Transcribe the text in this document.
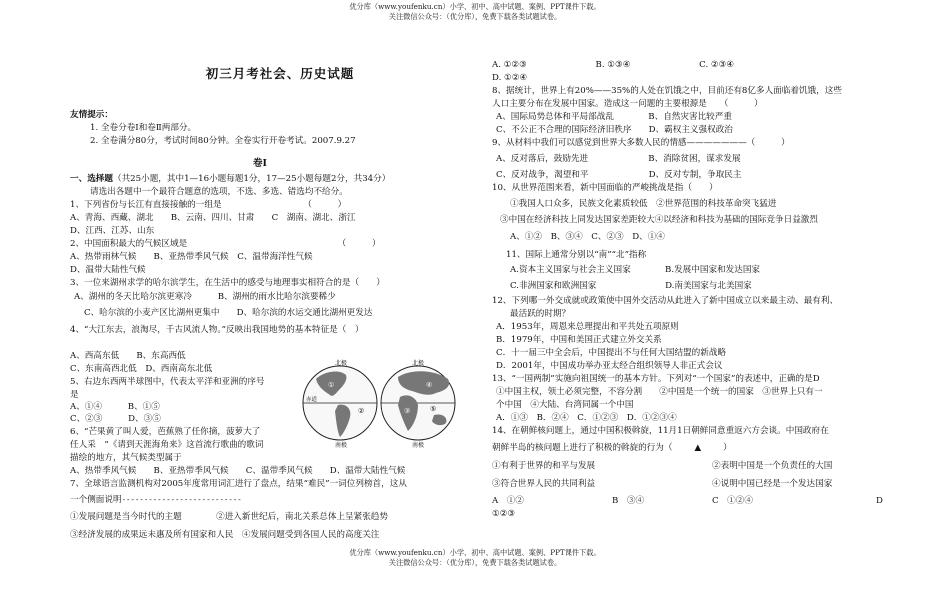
优分库（www.youfenku.cn）小学、初中、高中试题、案例、PPT课件下载。
关注微信公众号：（优分库），免费下载各类试题试卷。
初三月考社会、历史试题
友情提示：
1. 全卷分卷Ⅰ和卷Ⅱ两部分。
2. 全卷满分80分，考试时间80分钟。全卷实行开卷考试。2007.9.27
卷Ⅰ
一、选择题（共25小题，其中1—16小题每题1分，17—25小题每题2分，共34分）
请选出各题中一个最符合题意的选项，不选、多选、错选均不给分。
1、下列省份与长江有直接接触的一组是　　　　　　　　　　（　　　）
A、青海、西藏、湖北　　B、云南、四川、甘肃　　C　湖南、湖北、浙江
D、江西、江苏、山东
2、中国面积最大的气候区域是　　　　　　　　　　　　　　　　　　（　　　）
A、热带雨林气候　　B、亚热带季风气候　C、温带海洋性气候
D、温带大陆性气候
3、一位来湖州求学的哈尔滨学生，在生活中的感受与地理事实相符合的是（　　）
A、湖州的冬天比哈尔滨更寒冷　　　B、湖州的雨水比哈尔滨要稀少
C、哈尔滨的小麦产区比湖州更集中　　D、哈尔滨的水运交通比湖州更发达
4、“大江东去，浪淘尽，千古风流人物。”反映出我国地势的基本特征是（　）
A、西高东低　　B、东高西低
C、东南高西北低　D、西南高东北低
5、右边东西两半球图中，代表太平洋和亚洲的序号
是
A、①④　　　B、①⑤
C、②③　　　D、③⑤
6、“芒果黄了叫人爱，芭蕉熟了任你摘，菠萝大了
任人采　”《请到天涯海角来》这首流行歌曲的歌词
描绘的地方，其气候类型属于
A、热带季风气候　　B、亚热带季风气候　　C、温带季风气候　　D、温带大陆性气候
7、全球语言监测机构对2005年度常用词汇进行了盘点，结果“难民”一词位列榜首，这从
一个侧面说明---------------------------
①发展问题是当今时代的主题　　　　②进入新世纪后，南北关系总体上呈紧张趋势
③经济发展的成果远未惠及所有国家和人民　④发展问题受到各国人民的高度关注
北极	北极
南极	南极
赤道
①
②	③
④
⑤
A. ①②③　　　　　　　　B. ①③④　　　　　　　　C. ②③④
D. ①②④
8、据统计，世界上有20%——35%的人处在饥饿之中，目前还有8亿多人面临着饥饿，这些
人口主要分布在发展中国家。造成这一问题的主要根源是　　（　　　）
A、国际局势总体和平局部战乱　　　　B、自然灾害比较严重
C、不公正不合理的国际经济旧秩序　　D、霸权主义强权政治
9、从材料中我们可以感觉到世界大多数人民的情感———————（　　　）
A、反对落后，鼓励先进　　　　　　　B、消除贫困，谋求发展
C、反对战争，渴望和平　　　　　　　D、反对专制，争取民主
10、从世界范围来看，新中国面临的严峻挑战是指（　　）
①我国人口众多，民族文化素质较低　②世界范围的科技革命突飞猛进
③中国在经济科技上同发达国家差距较大④以经济和科技为基础的国际竞争日益激烈
A、①②　B、③④　C、②③　D、①④
11、国际上通常分别以“南”“北”指称
A.资本主义国家与社会主义国家　　　　B.发展中国家和发达国家
C.非洲国家和欧洲国家　　　　　　　　D.南美国家与北美国家
12、下列哪一外交成就或政策使中国外交活动从此进入了新中国成立以来最主动、最有利、
最活跃的时期？
A．1953年，周恩来总理提出和平共处五项原则
B．1979年，中国和美国正式建立外交关系
C．十一届三中全会后，中国提出不与任何大国结盟的新战略
D．2001年，中国成功举办亚太经合组织领导人非正式会议
13、“一国两制”实施向祖国统一的基本方针。下列对“一个国家”的表述中，正确的是D
①中国主权，领土必须完整，不容分割　　②中国是一个统一的国家　③世界上只有一
个中国　④大陆、台湾同属一个中国
A．①③　B．②④　C．①②③　D．①②③④
14、在朝鲜核问题上，通过中国积极斡旋，11月1日朝鲜同意重返六方会谈。中国政府在
朝鲜半岛的核问题上进行了积极的斡旋的行为（	▲	）
①有利于世界的和平与发展	②表明中国是一个负责任的大国
③符合世界人民的共同利益	④说明中国已经是一个发达国家
A　①②	B　③④	C　①②④	D
①②③
优分库（www.youfenku.cn）小学、初中、高中试题、案例、PPT课件下载。
关注微信公众号：（优分库），免费下载各类试题试卷。
